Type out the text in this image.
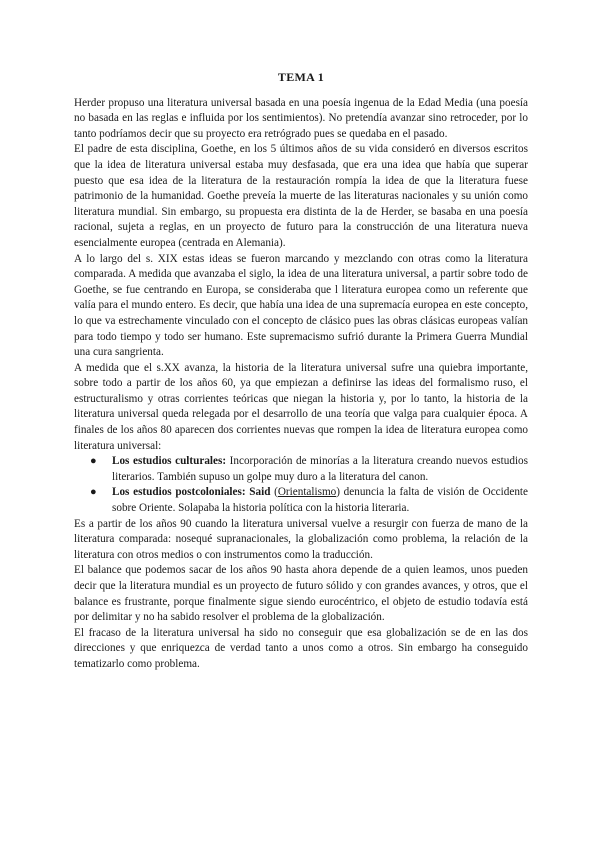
TEMA 1

Herder propuso una literatura universal basada en una poesía ingenua de la Edad Media (una poesía no basada en las reglas e influida por los sentimientos). No pretendía avanzar sino retroceder, por lo tanto podríamos decir que su proyecto era retrógrado pues se quedaba en el pasado.

El padre de esta disciplina, Goethe, en los 5 últimos años de su vida consideró en diversos escritos que la idea de literatura universal estaba muy desfasada, que era una idea que había que superar puesto que esa idea de la literatura de la restauración rompía la idea de que la literatura fuese patrimonio de la humanidad. Goethe preveía la muerte de las literaturas nacionales y su unión como literatura mundial. Sin embargo, su propuesta era distinta de la de Herder, se basaba en una poesía racional, sujeta a reglas, en un proyecto de futuro para la construcción de una literatura nueva esencialmente europea (centrada en Alemania).

A lo largo del s. XIX estas ideas se fueron marcando y mezclando con otras como la literatura comparada. A medida que avanzaba el siglo, la idea de una literatura universal, a partir sobre todo de Goethe, se fue centrando en Europa, se consideraba que l literatura europea como un referente que valía para el mundo entero. Es decir, que había una idea de una supremacía europea en este concepto, lo que va estrechamente vinculado con el concepto de clásico pues las obras clásicas europeas valían para todo tiempo y todo ser humano. Este supremacismo sufrió durante la Primera Guerra Mundial una cura sangrienta.

A medida que el s.XX avanza, la historia de la literatura universal sufre una quiebra importante, sobre todo a partir de los años 60, ya que empiezan a definirse las ideas del formalismo ruso, el estructuralismo y otras corrientes teóricas que niegan la historia y, por lo tanto, la historia de la literatura universal queda relegada por el desarrollo de una teoría que valga para cualquier época. A finales de los años 80 aparecen dos corrientes nuevas que rompen la idea de literatura europea como literatura universal:

● Los estudios culturales: Incorporación de minorías a la literatura creando nuevos estudios literarios. También supuso un golpe muy duro a la literatura del canon.
● Los estudios postcoloniales: Said (Orientalismo) denuncia la falta de visión de Occidente sobre Oriente. Solapaba la historia política con la historia literaria.

Es a partir de los años 90 cuando la literatura universal vuelve a resurgir con fuerza de mano de la literatura comparada: nosequé supranacionales, la globalización como problema, la relación de la literatura con otros medios o con instrumentos como la traducción.

El balance que podemos sacar de los años 90 hasta ahora depende de a quien leamos, unos pueden decir que la literatura mundial es un proyecto de futuro sólido y con grandes avances, y otros, que el balance es frustrante, porque finalmente sigue siendo eurocéntrico, el objeto de estudio todavía está por delimitar y no ha sabido resolver el problema de la globalización.

El fracaso de la literatura universal ha sido no conseguir que esa globalización se de en las dos direcciones y que enriquezca de verdad tanto a unos como a otros. Sin embargo ha conseguido tematizarlo como problema.
